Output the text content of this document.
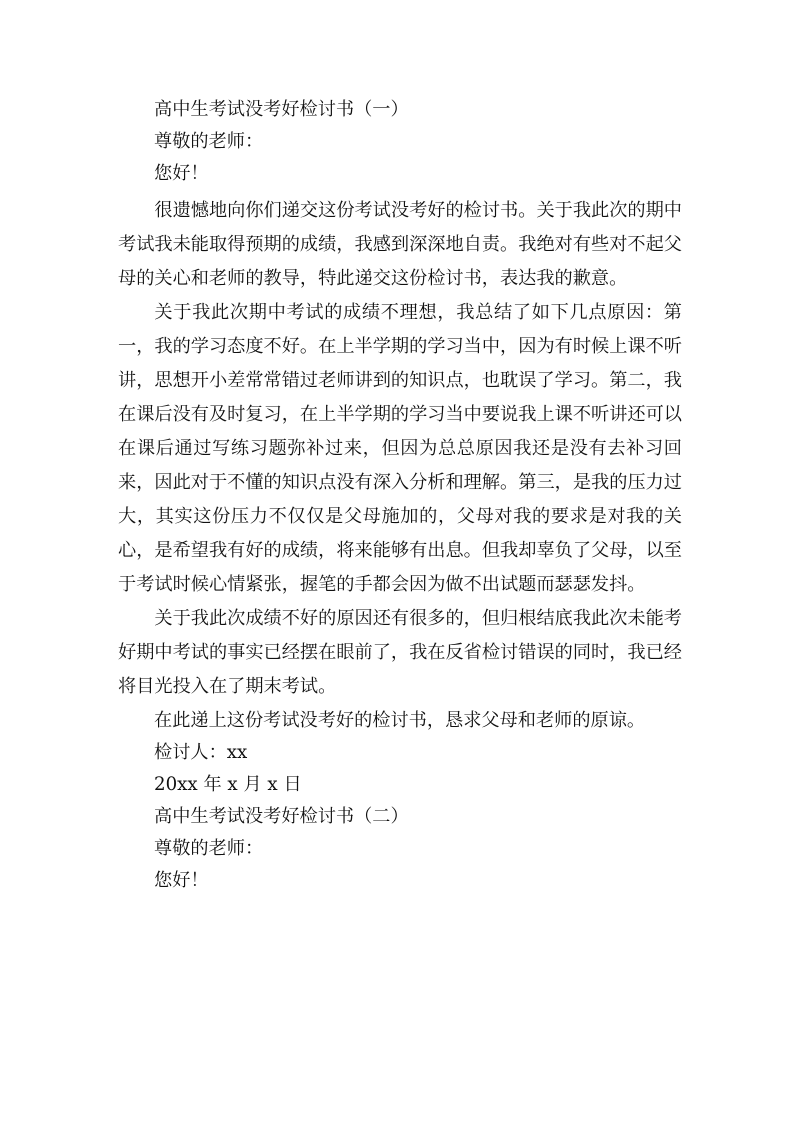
高中生考试没考好检讨书（一）

尊敬的老师：

您好！

很遗憾地向你们递交这份考试没考好的检讨书。关于我此次的期中考试我未能取得预期的成绩，我感到深深地自责。我绝对有些对不起父母的关心和老师的教导，特此递交这份检讨书，表达我的歉意。

关于我此次期中考试的成绩不理想，我总结了如下几点原因：第一，我的学习态度不好。在上半学期的学习当中，因为有时候上课不听讲，思想开小差常常错过老师讲到的知识点，也耽误了学习。第二，我在课后没有及时复习，在上半学期的学习当中要说我上课不听讲还可以在课后通过写练习题弥补过来，但因为总总原因我还是没有去补习回来，因此对于不懂的知识点没有深入分析和理解。第三，是我的压力过大，其实这份压力不仅仅是父母施加的，父母对我的要求是对我的关心，是希望我有好的成绩，将来能够有出息。但我却辜负了父母，以至于考试时候心情紧张，握笔的手都会因为做不出试题而瑟瑟发抖。

关于我此次成绩不好的原因还有很多的，但归根结底我此次未能考好期中考试的事实已经摆在眼前了，我在反省检讨错误的同时，我已经将目光投入在了期末考试。

在此递上这份考试没考好的检讨书，恳求父母和老师的原谅。

检讨人：xx

20xx 年 x 月 x 日

高中生考试没考好检讨书（二）

尊敬的老师：

您好！
